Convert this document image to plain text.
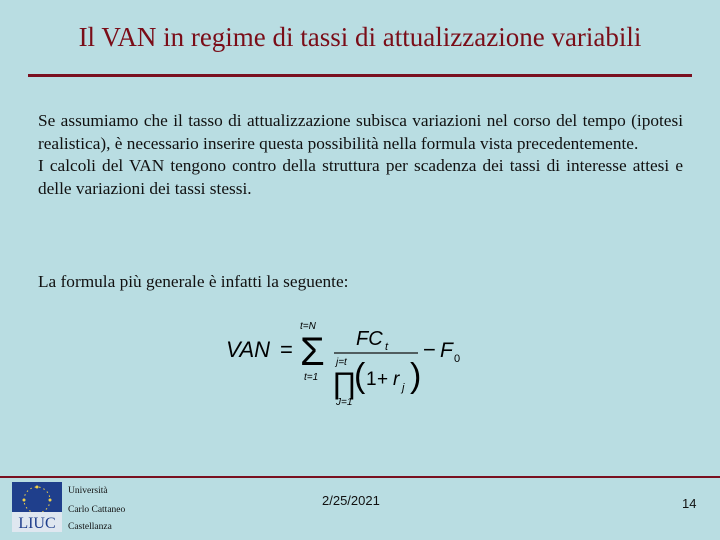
Il VAN in regime di tassi di attualizzazione variabili

Se assumiamo che il tasso di attualizzazione subisca variazioni nel corso del tempo (ipotesi realistica), è necessario inserire questa possibilità nella formula vista precedentemente.

I calcoli del VAN tengono contro della struttura per scadenza dei tassi di interesse attesi e delle variazioni dei tassi stessi.

La formula più generale è infatti la seguente:
VAN =
t=N
Σ
t=1
FC t
j=t
∏
J=1
( 1 + r j )
− F 0
LIUC
Università
Carlo Cattaneo
Castellanza
2/25/2021	14
